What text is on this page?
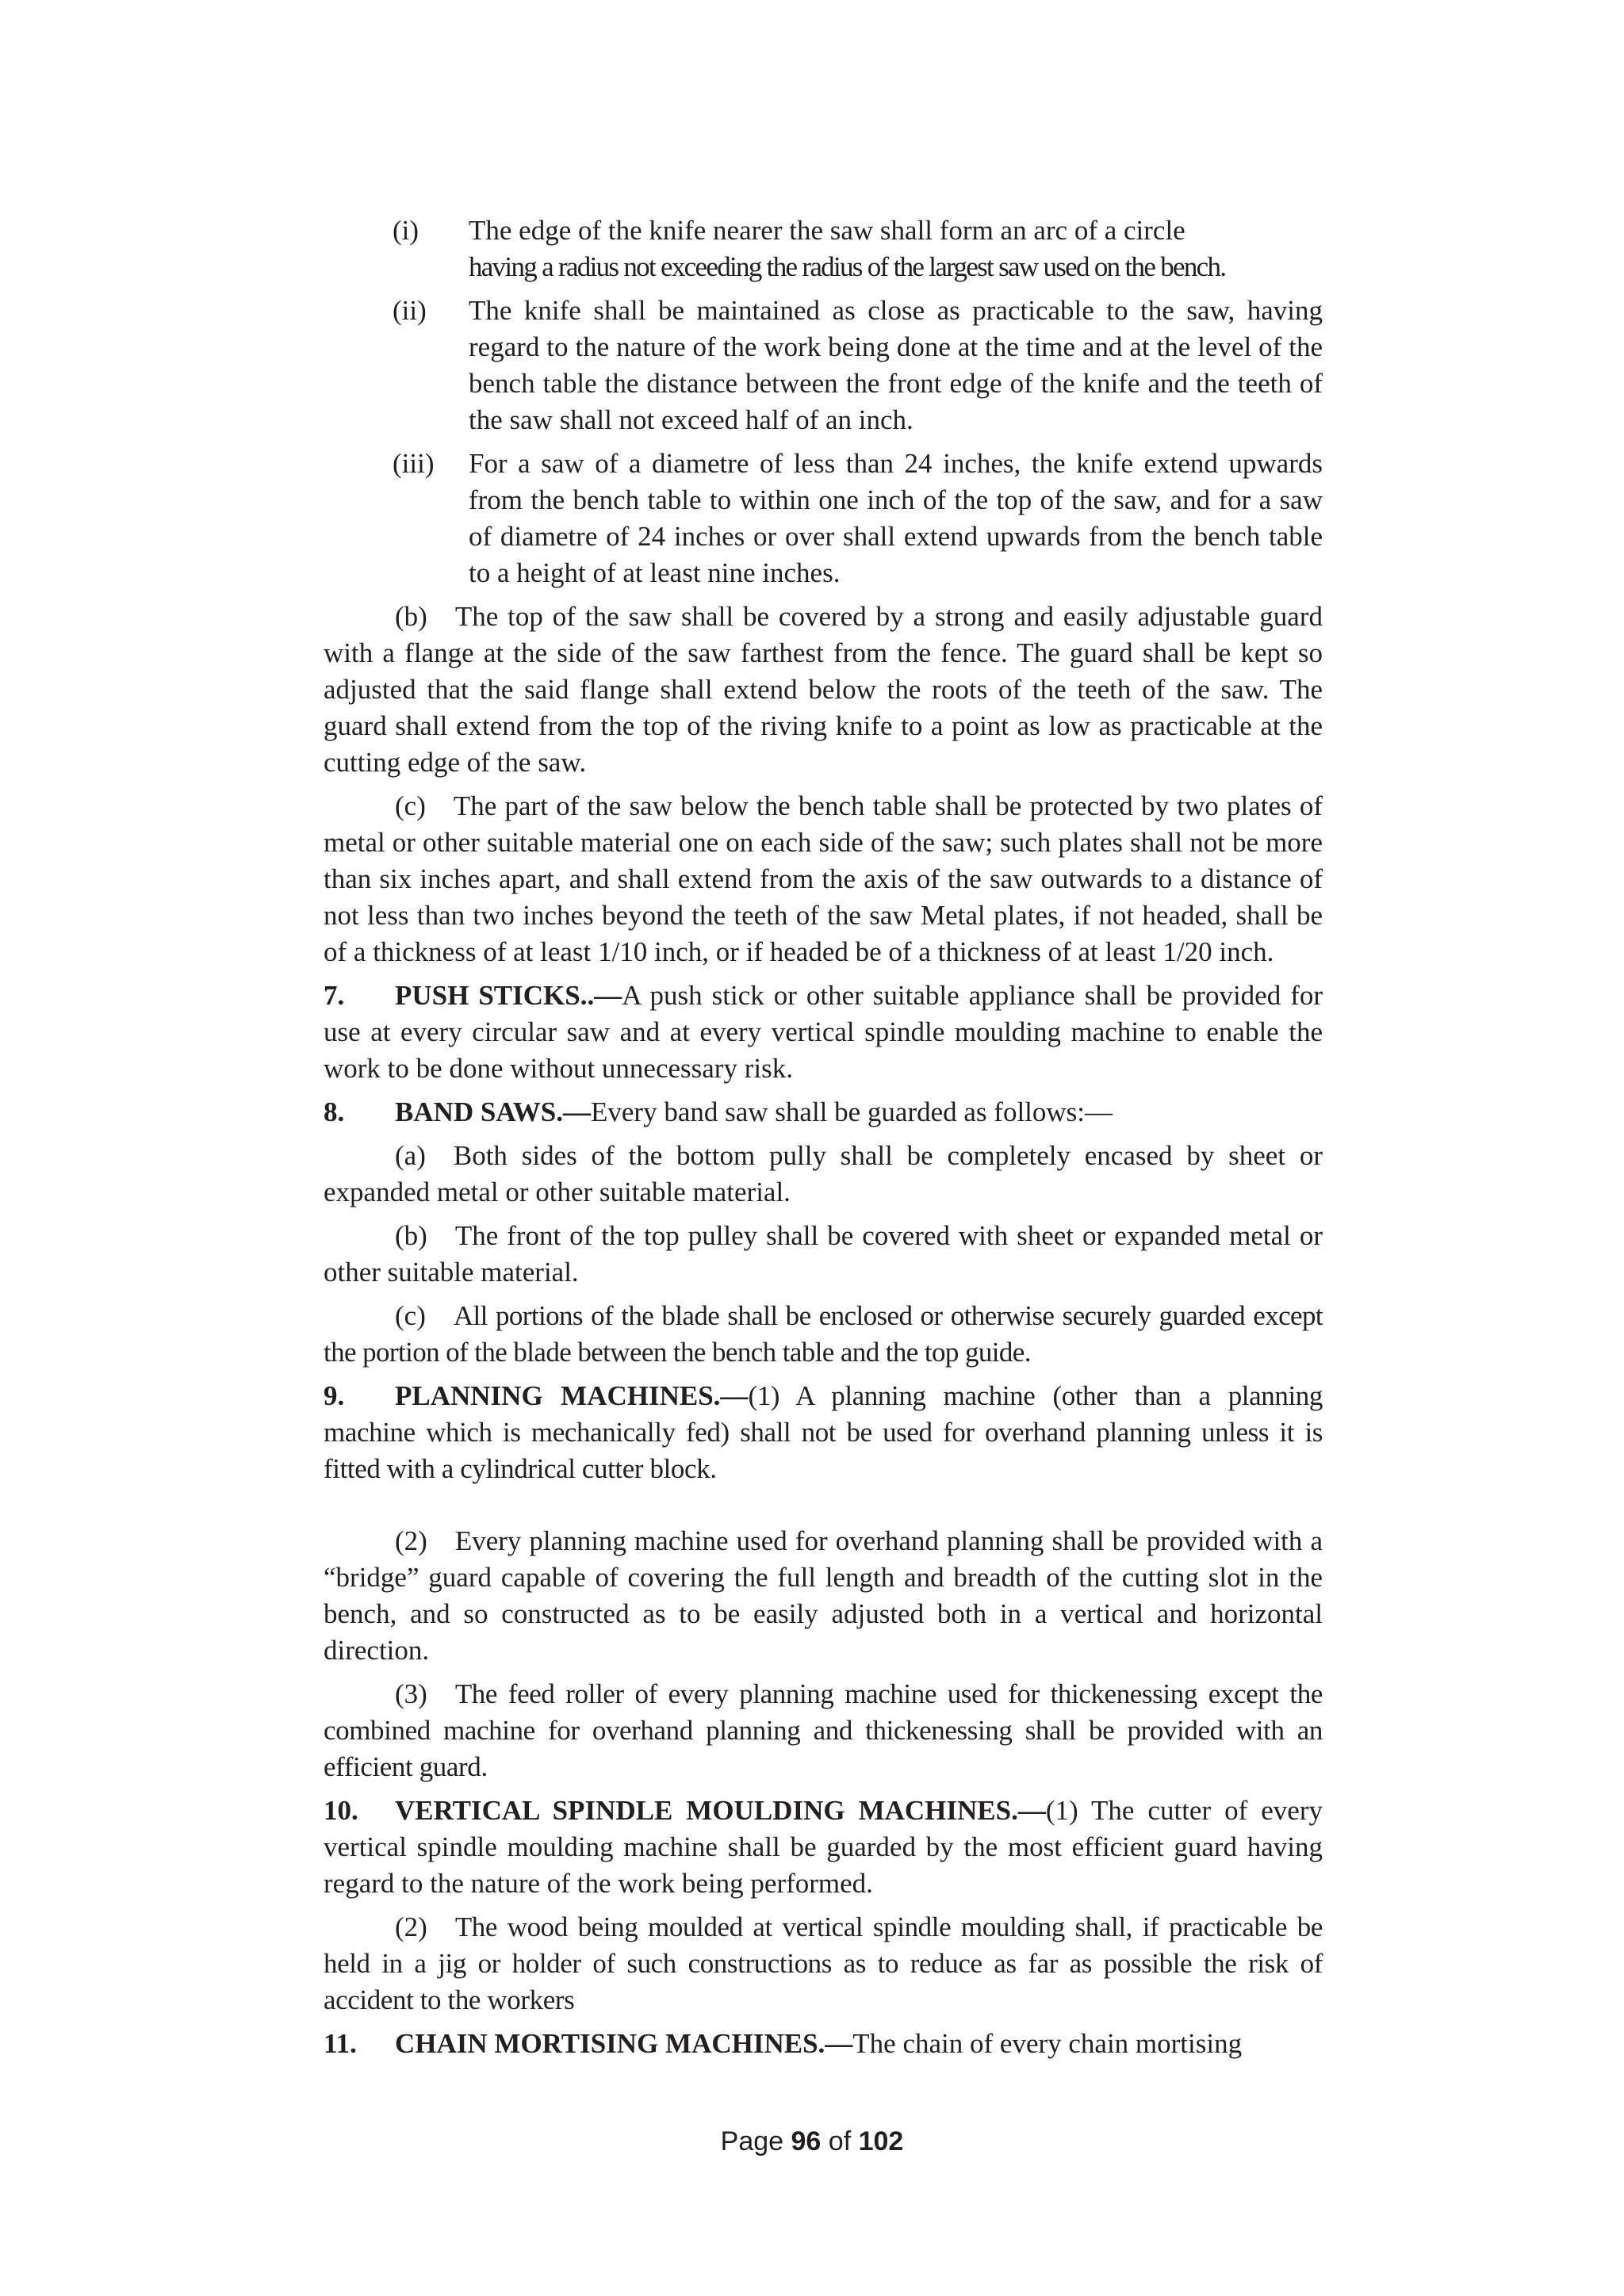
(i)	The edge of the knife nearer the saw shall form an arc of a circle
having a radius not exceeding the radius of the largest saw used on the bench.
(ii)	The knife shall be maintained as close as practicable to the saw, having regard to the nature of the work being done at the time and at the level of the bench table the distance between the front edge of the knife and the teeth of the saw shall not exceed half of an inch.
(iii)	For a saw of a diametre of less than 24 inches, the knife extend upwards from the bench table to within one inch of the top of the saw, and for a saw of diametre of 24 inches or over shall extend upwards from the bench table to a height of at least nine inches.

(b)  The top of the saw shall be covered by a strong and easily adjustable guard with a flange at the side of the saw farthest from the fence. The guard shall be kept so adjusted that the said flange shall extend below the roots of the teeth of the saw. The guard shall extend from the top of the riving knife to a point as low as practicable at the cutting edge of the saw.

(c)  The part of the saw below the bench table shall be protected by two plates of metal or other suitable material one on each side of the saw; such plates shall not be more than six inches apart, and shall extend from the axis of the saw outwards to a distance of not less than two inches beyond the teeth of the saw Metal plates, if not headed, shall be of a thickness of at least 1/10 inch, or if headed be of a thickness of at least 1/20 inch.

7. PUSH STICKS..—A push stick or other suitable appliance shall be provided for use at every circular saw and at every vertical spindle moulding machine to enable the work to be done without unnecessary risk.

8. BAND SAWS.—Every band saw shall be guarded as follows:—

(a)  Both sides of the bottom pully shall be completely encased by sheet or expanded metal or other suitable material.

(b)  The front of the top pulley shall be covered with sheet or expanded metal or other suitable material.

(c)  All portions of the blade shall be enclosed or otherwise securely guarded except the portion of the blade between the bench table and the top guide.

9. PLANNING MACHINES.—(1) A planning machine (other than a planning machine which is mechanically fed) shall not be used for overhand planning unless it is fitted with a cylindrical cutter block.

(2)  Every planning machine used for overhand planning shall be provided with a “bridge” guard capable of covering the full length and breadth of the cutting slot in the bench, and so constructed as to be easily adjusted both in a vertical and horizontal direction.

(3)  The feed roller of every planning machine used for thickenessing except the combined machine for overhand planning and thickenessing shall be provided with an efficient guard.

10. VERTICAL SPINDLE MOULDING MACHINES.—(1) The cutter of every vertical spindle moulding machine shall be guarded by the most efficient guard having regard to the nature of the work being performed.

(2)  The wood being moulded at vertical spindle moulding shall, if practicable be held in a jig or holder of such constructions as to reduce as far as possible the risk of accident to the workers

11. CHAIN MORTISING MACHINES.—The chain of every chain mortising

Page 96 of 102
